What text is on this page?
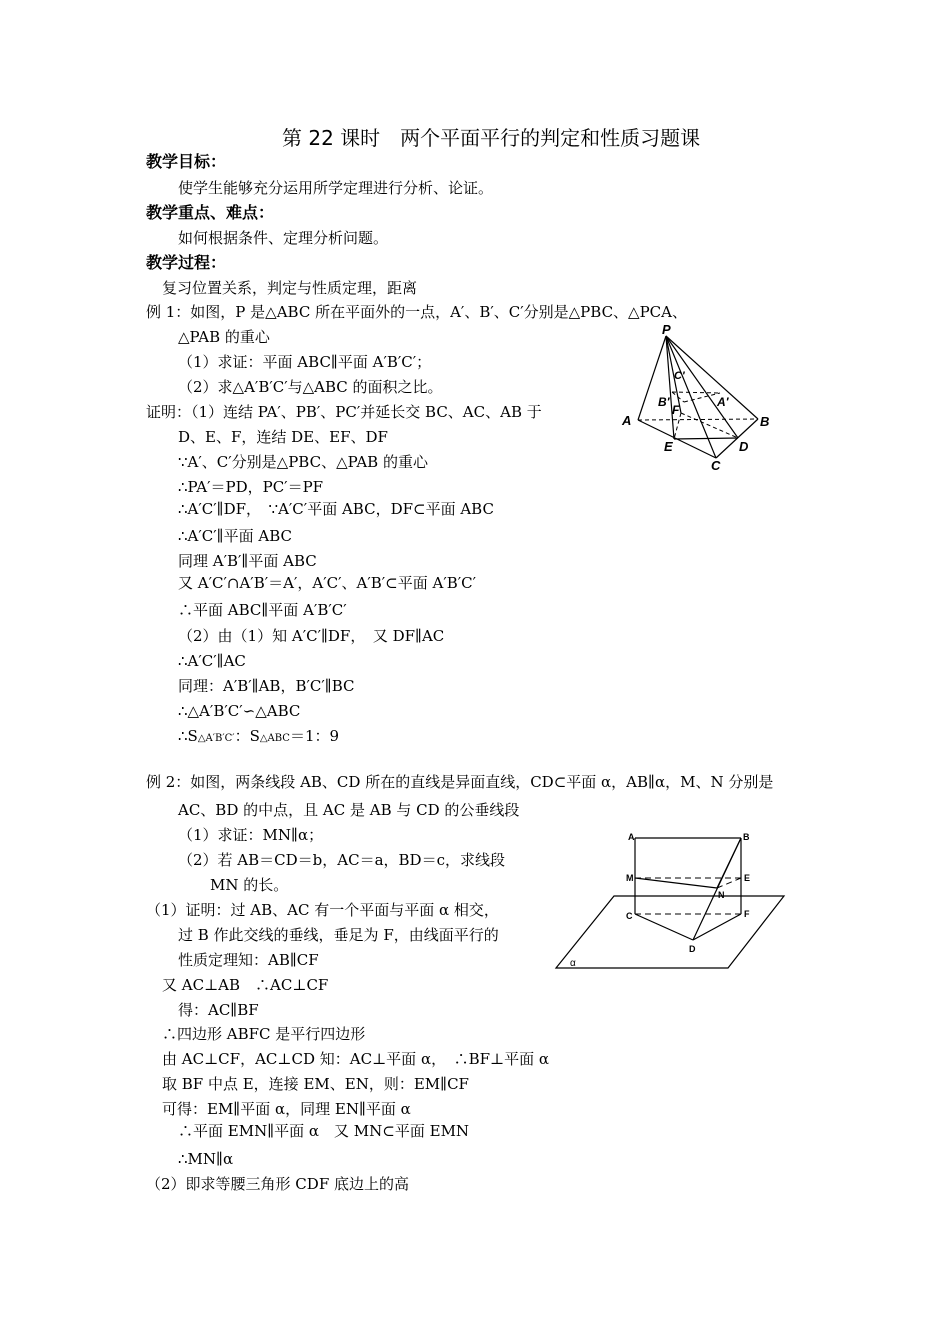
第 22 课时　两个平面平行的判定和性质习题课
教学目标：
使学生能够充分运用所学定理进行分析、论证。
教学重点、难点：
如何根据条件、定理分析问题。
教学过程：
复习位置关系，判定与性质定理，距离
例 1：如图，P 是△ABC 所在平面外的一点，A′、B′、C′分别是△PBC、△PCA、
△PAB 的重心
（1）求证：平面 ABC∥平面 A′B′C′；
（2）求△A′B′C′与△ABC 的面积之比。
证明：（1）连结 PA′、PB′、PC′并延长交 BC、AC、AB 于
D、E、F，连结 DE、EF、DF
∵A′、C′分别是△PBC、△PAB 的重心
∴PA′＝PD，PC′＝PF
∴A′C′∥DF，　∵A′C′平面 ABC，DF⊂平面 ABC
∴A′C′∥平面 ABC
同理 A′B′∥平面 ABC
又 A′C′∩A′B′＝A′，A′C′、A′B′⊂平面 A′B′C′
∴平面 ABC∥平面 A′B′C′
（2）由（1）知 A′C′∥DF，　又 DF∥AC
∴A′C′∥AC
同理：A′B′∥AB，B′C′∥BC
∴△A′B′C′∽△ABC
∴S△A′B′C′：S△ABC＝1：9
P
A	B
C
D
E
F
A′
B′
C′
例 2：如图，两条线段 AB、CD 所在的直线是异面直线，CD⊂平面 α，AB∥α，M、N 分别是
AC、BD 的中点，且 AC 是 AB 与 CD 的公垂线段
（1）求证：MN∥α；
（2）若 AB＝CD＝b，AC＝a，BD＝c，求线段
MN 的长。
（1）证明：过 AB、AC 有一个平面与平面 α 相交，
过 B 作此交线的垂线，垂足为 F，由线面平行的
性质定理知：AB∥CF
又 AC⊥AB　∴AC⊥CF
得：AC∥BF
∴四边形 ABFC 是平行四边形
由 AC⊥CF，AC⊥CD 知：AC⊥平面 α，　∴BF⊥平面 α
取 BF 中点 E，连接 EM、EN，则：EM∥CF
可得：EM∥平面 α，同理 EN∥平面 α
∴平面 EMN∥平面 α　又 MN⊂平面 EMN
∴MN∥α
（2）即求等腰三角形 CDF 底边上的高
A	B
M	E
N
C	F
D
α
